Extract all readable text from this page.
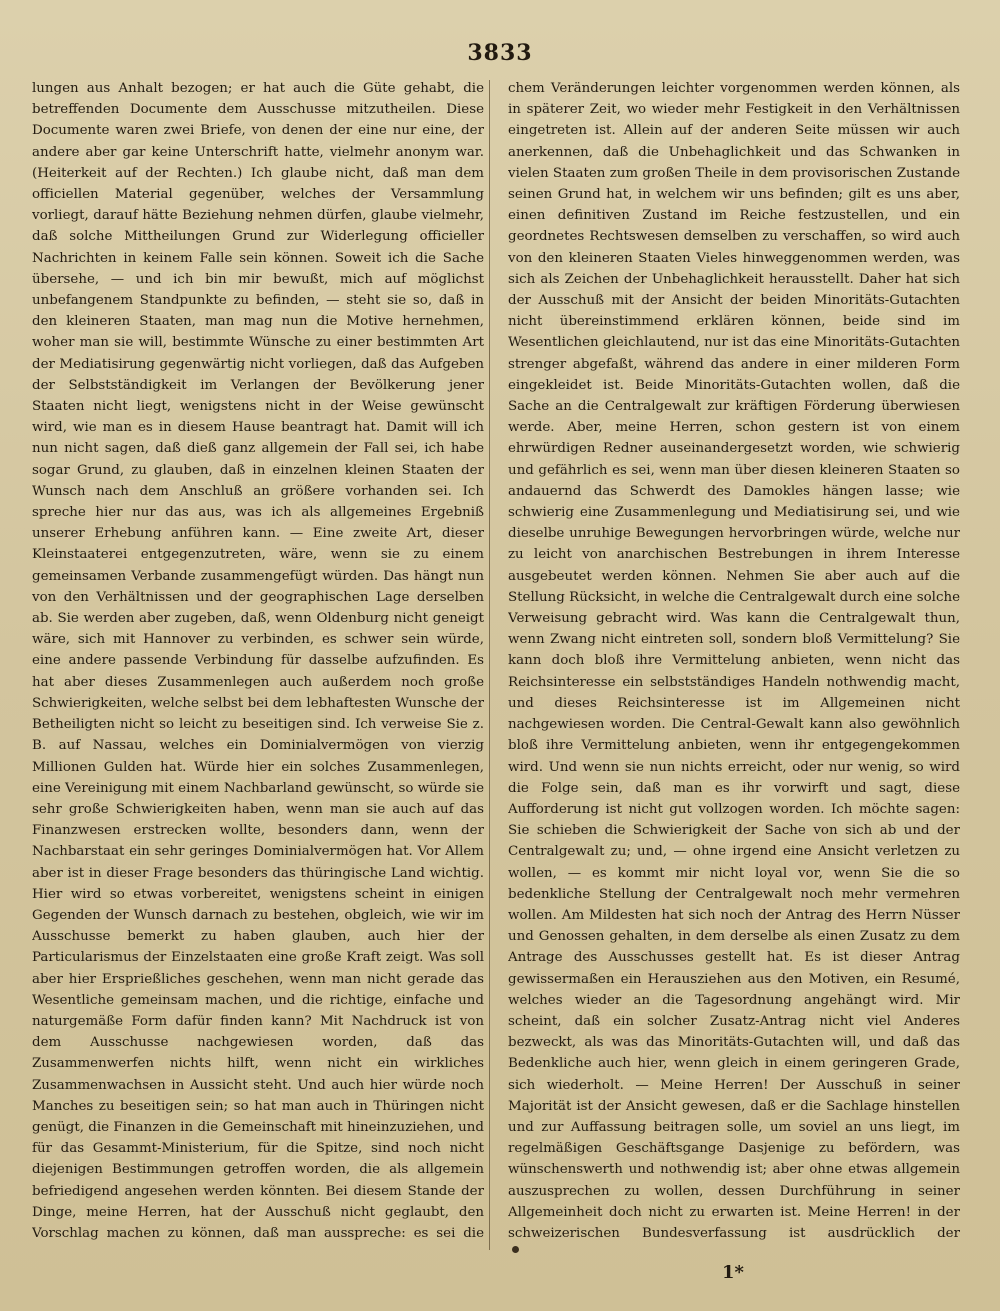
3833
lungen aus Anhalt bezogen; er hat auch die Güte gehabt, die betreffenden Documente dem Ausschusse mitzutheilen. Diese Documente waren zwei Briefe, von denen der eine nur eine, der andere aber gar keine Unterschrift hatte, vielmehr anonym war. (Heiterkeit auf der Rechten.) Ich glaube nicht, daß man dem officiellen Material gegenüber, welches der Versammlung vorliegt, darauf hätte Beziehung nehmen dürfen, glaube vielmehr, daß solche Mittheilungen Grund zur Widerlegung officieller Nachrichten in keinem Falle sein können. Soweit ich die Sache übersehe, — und ich bin mir bewußt, mich auf möglichst unbefangenem Standpunkte zu befinden, — steht sie so, daß in den kleineren Staaten, man mag nun die Motive hernehmen, woher man sie will, bestimmte Wünsche zu einer bestimmten Art der Mediatisirung gegenwärtig nicht vorliegen, daß das Aufgeben der Selbstständigkeit im Verlangen der Bevölkerung jener Staaten nicht liegt, wenigstens nicht in der Weise gewünscht wird, wie man es in diesem Hause beantragt hat. Damit will ich nun nicht sagen, daß dieß ganz allgemein der Fall sei, ich habe sogar Grund, zu glauben, daß in einzelnen kleinen Staaten der Wunsch nach dem Anschluß an größere vorhanden sei. Ich spreche hier nur das aus, was ich als allgemeines Ergebniß unserer Erhebung anführen kann. — Eine zweite Art, dieser Kleinstaaterei entgegenzutreten, wäre, wenn sie zu einem gemeinsamen Verbande zusammengefügt würden. Das hängt nun von den Verhältnissen und der geographischen Lage derselben ab. Sie werden aber zugeben, daß, wenn Oldenburg nicht geneigt wäre, sich mit Hannover zu verbinden, es schwer sein würde, eine andere passende Verbindung für dasselbe aufzufinden. Es hat aber dieses Zusammenlegen auch außerdem noch große Schwierigkeiten, welche selbst bei dem lebhaftesten Wunsche der Betheiligten nicht so leicht zu beseitigen sind. Ich verweise Sie z. B. auf Nassau, welches ein Dominialvermögen von vierzig Millionen Gulden hat. Würde hier ein solches Zusammenlegen, eine Vereinigung mit einem Nachbarland gewünscht, so würde sie sehr große Schwierigkeiten haben, wenn man sie auch auf das Finanzwesen erstrecken wollte, besonders dann, wenn der Nachbarstaat ein sehr geringes Dominialvermögen hat. Vor Allem aber ist in dieser Frage besonders das thüringische Land wichtig. Hier wird so etwas vorbereitet, wenigstens scheint in einigen Gegenden der Wunsch darnach zu bestehen, obgleich, wie wir im Ausschusse bemerkt zu haben glauben, auch hier der Particularismus der Einzelstaaten eine große Kraft zeigt. Was soll aber hier Ersprießliches geschehen, wenn man nicht gerade das Wesentliche gemeinsam machen, und die richtige, einfache und naturgemäße Form dafür finden kann? Mit Nachdruck ist von dem Ausschusse nachgewiesen worden, daß das Zusammenwerfen nichts hilft, wenn nicht ein wirkliches Zusammenwachsen in Aussicht steht. Und auch hier würde noch Manches zu beseitigen sein; so hat man auch in Thüringen nicht genügt, die Finanzen in die Gemeinschaft mit hineinzuziehen, und für das Gesammt-Ministerium, für die Spitze, sind noch nicht diejenigen Bestimmungen getroffen worden, die als allgemein befriedigend angesehen werden könnten. Bei diesem Stande der Dinge, meine Herren, hat der Ausschuß nicht geglaubt, den Vorschlag machen zu können, daß man ausspreche: es sei die
chem Veränderungen leichter vorgenommen werden können, als in späterer Zeit, wo wieder mehr Festigkeit in den Verhältnissen eingetreten ist. Allein auf der anderen Seite müssen wir auch anerkennen, daß die Unbehaglichkeit und das Schwanken in vielen Staaten zum großen Theile in dem provisorischen Zustande seinen Grund hat, in welchem wir uns befinden; gilt es uns aber, einen definitiven Zustand im Reiche festzustellen, und ein geordnetes Rechtswesen demselben zu verschaffen, so wird auch von den kleineren Staaten Vieles hinweggenommen werden, was sich als Zeichen der Unbehaglichkeit herausstellt. Daher hat sich der Ausschuß mit der Ansicht der beiden Minoritäts-Gutachten nicht übereinstimmend erklären können, beide sind im Wesentlichen gleichlautend, nur ist das eine Minoritäts-Gutachten strenger abgefaßt, während das andere in einer milderen Form eingekleidet ist. Beide Minoritäts-Gutachten wollen, daß die Sache an die Centralgewalt zur kräftigen Förderung überwiesen werde. Aber, meine Herren, schon gestern ist von einem ehrwürdigen Redner auseinandergesetzt worden, wie schwierig und gefährlich es sei, wenn man über diesen kleineren Staaten so andauernd das Schwerdt des Damokles hängen lasse; wie schwierig eine Zusammenlegung und Mediatisirung sei, und wie dieselbe unruhige Bewegungen hervorbringen würde, welche nur zu leicht von anarchischen Bestrebungen in ihrem Interesse ausgebeutet werden können. Nehmen Sie aber auch auf die Stellung Rücksicht, in welche die Centralgewalt durch eine solche Verweisung gebracht wird. Was kann die Centralgewalt thun, wenn Zwang nicht eintreten soll, sondern bloß Vermittelung? Sie kann doch bloß ihre Vermittelung anbieten, wenn nicht das Reichsinteresse ein selbstständiges Handeln nothwendig macht, und dieses Reichsinteresse ist im Allgemeinen nicht nachgewiesen worden. Die Central-Gewalt kann also gewöhnlich bloß ihre Vermittelung anbieten, wenn ihr entgegengekommen wird. Und wenn sie nun nichts erreicht, oder nur wenig, so wird die Folge sein, daß man es ihr vorwirft und sagt, diese Aufforderung ist nicht gut vollzogen worden. Ich möchte sagen: Sie schieben die Schwierigkeit der Sache von sich ab und der Centralgewalt zu; und, — ohne irgend eine Ansicht verletzen zu wollen, — es kommt mir nicht loyal vor, wenn Sie die so bedenkliche Stellung der Centralgewalt noch mehr vermehren wollen. Am Mildesten hat sich noch der Antrag des Herrn Nüsser und Genossen gehalten, in dem derselbe als einen Zusatz zu dem Antrage des Ausschusses gestellt hat. Es ist dieser Antrag gewissermaßen ein Herausziehen aus den Motiven, ein Resumé, welches wieder an die Tagesordnung angehängt wird. Mir scheint, daß ein solcher Zusatz-Antrag nicht viel Anderes bezweckt, als was das Minoritäts-Gutachten will, und daß das Bedenkliche auch hier, wenn gleich in einem geringeren Grade, sich wiederholt. — Meine Herren! Der Ausschuß in seiner Majorität ist der Ansicht gewesen, daß er die Sachlage hinstellen und zur Auffassung beitragen solle, um soviel an uns liegt, im regelmäßigen Geschäftsgange Dasjenige zu befördern, was wünschenswerth und nothwendig ist; aber ohne etwas allgemein auszusprechen zu wollen, dessen Durchführung in seiner Allgemeinheit doch nicht zu erwarten ist. Meine Herren! in der schweizerischen Bundesverfassung ist ausdrücklich der
1*
